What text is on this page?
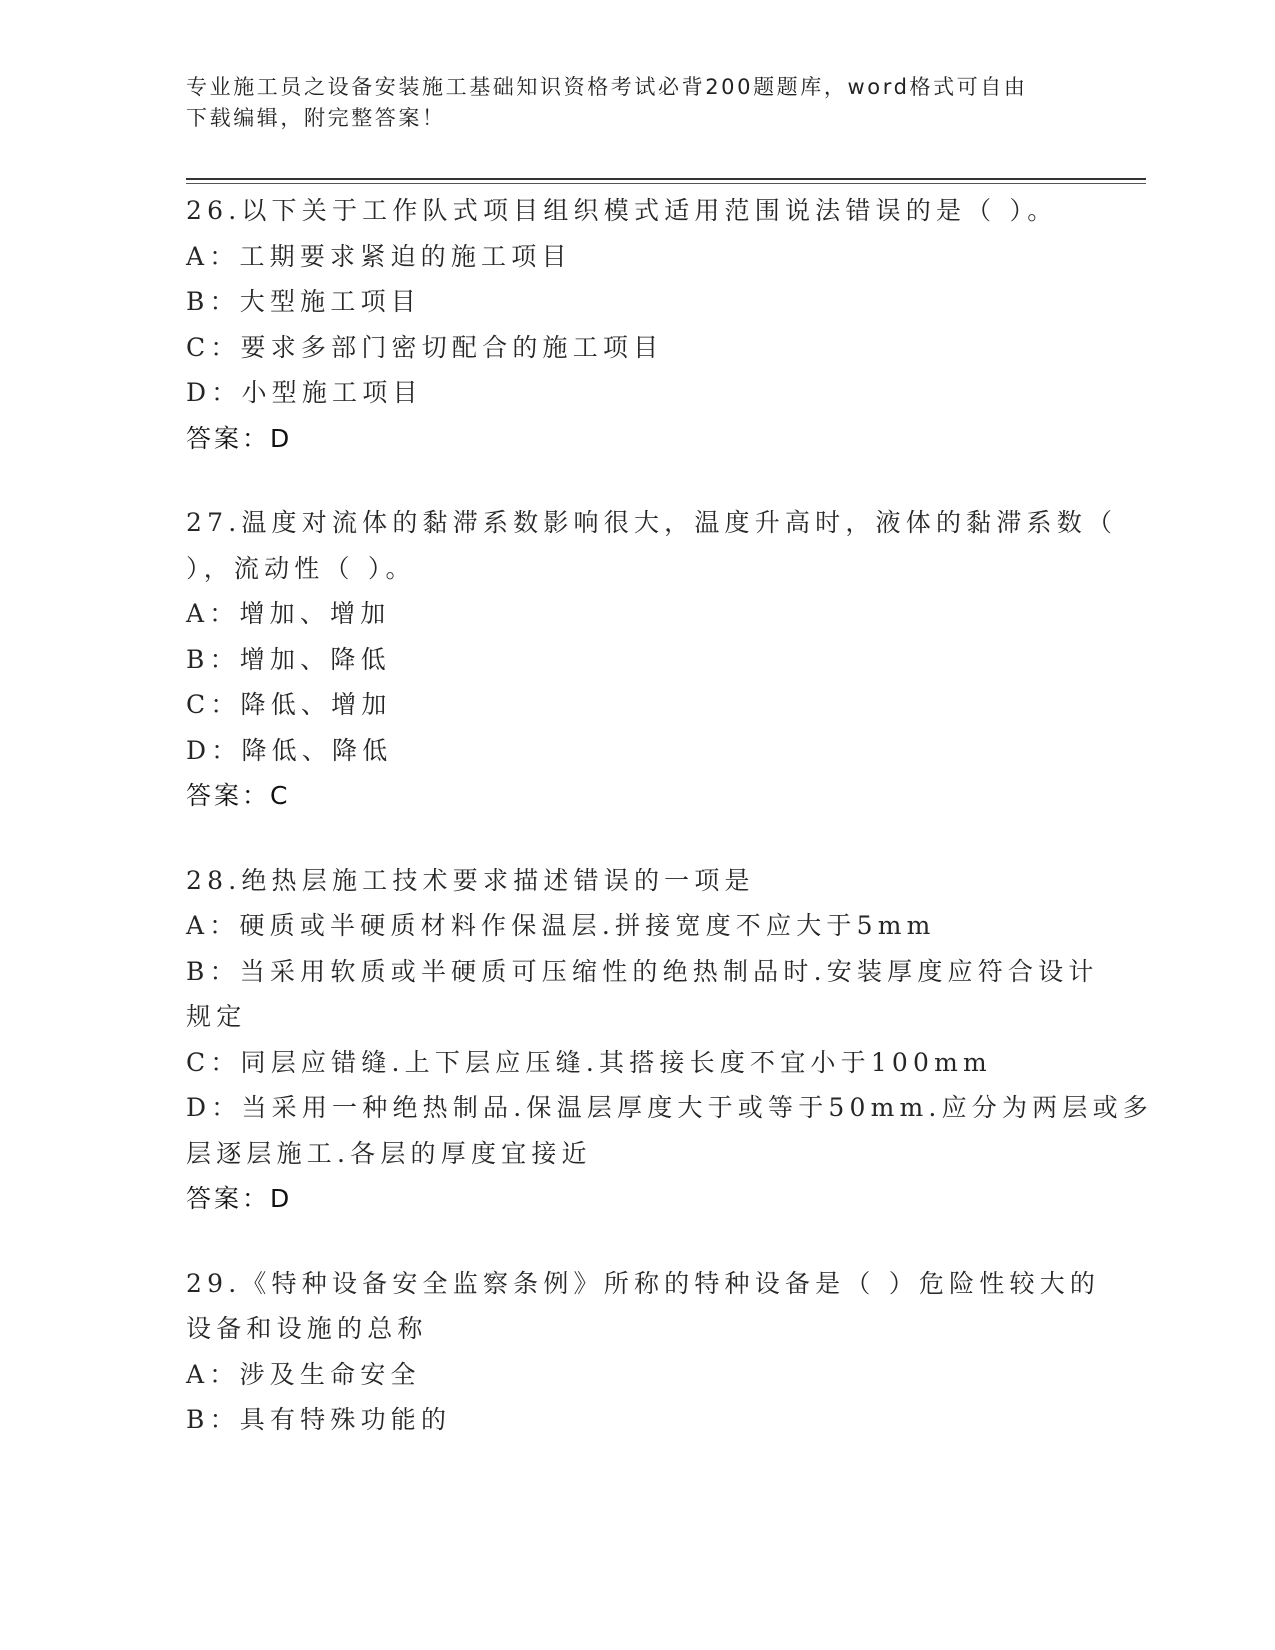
专业施工员之设备安装施工基础知识资格考试必背200题题库，word格式可自由
下载编辑，附完整答案！
26.以下关于工作队式项目组织模式适用范围说法错误的是（ ）。
A：工期要求紧迫的施工项目
B：大型施工项目
C：要求多部门密切配合的施工项目
D：小型施工项目
答案：D
27.温度对流体的黏滞系数影响很大，温度升高时，液体的黏滞系数（
），流动性（ ）。
A：增加、增加
B：增加、降低
C：降低、增加
D：降低、降低
答案：C
28.绝热层施工技术要求描述错误的一项是
A：硬质或半硬质材料作保温层.拼接宽度不应大于5mm
B：当采用软质或半硬质可压缩性的绝热制品时.安装厚度应符合设计
规定
C：同层应错缝.上下层应压缝.其搭接长度不宜小于100mm
D：当采用一种绝热制品.保温层厚度大于或等于50mm.应分为两层或多
层逐层施工.各层的厚度宜接近
答案：D
29.《特种设备安全监察条例》所称的特种设备是（ ）危险性较大的
设备和设施的总称
A：涉及生命安全
B：具有特殊功能的
